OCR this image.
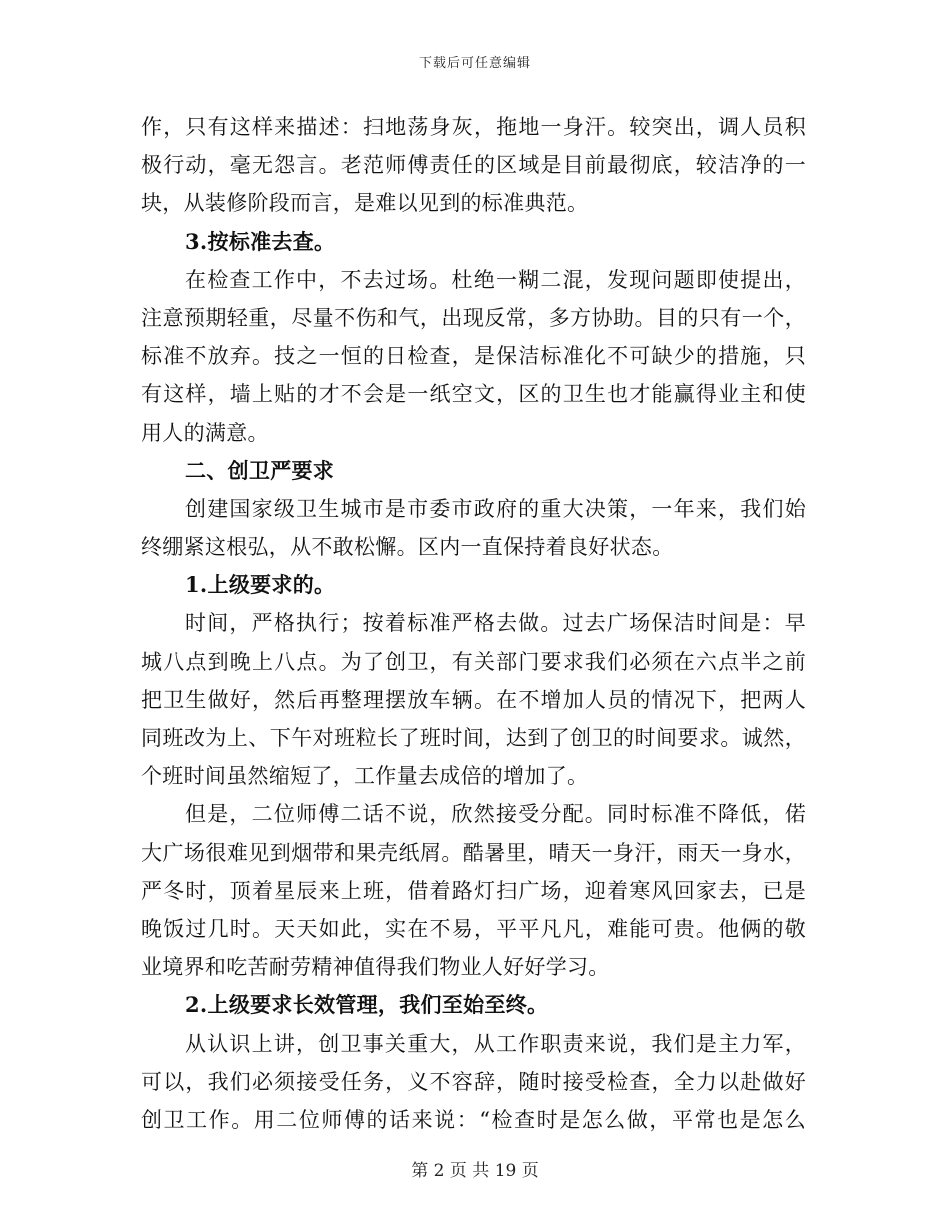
下载后可任意编辑
作，只有这样来描述：扫地荡身灰，拖地一身汗。较突出，调人员积
极行动，毫无怨言。老范师傅责任的区域是目前最彻底，较洁净的一
块，从装修阶段而言，是难以见到的标准典范。
3.按标准去查。
在检查工作中，不去过场。杜绝一糊二混，发现问题即使提出，
注意预期轻重，尽量不伤和气，出现反常，多方协助。目的只有一个，
标准不放弃。技之一恒的日检查，是保洁标准化不可缺少的措施，只
有这样，墙上贴的才不会是一纸空文，区的卫生也才能赢得业主和使
用人的满意。
二、创卫严要求
创建国家级卫生城市是市委市政府的重大决策，一年来，我们始
终绷紧这根弘，从不敢松懈。区内一直保持着良好状态。
1.上级要求的。
时间，严格执行；按着标准严格去做。过去广场保洁时间是：早
城八点到晚上八点。为了创卫，有关部门要求我们必须在六点半之前
把卫生做好，然后再整理摆放车辆。在不增加人员的情况下，把两人
同班改为上、下午对班粒长了班时间，达到了创卫的时间要求。诚然，
个班时间虽然缩短了，工作量去成倍的增加了。
但是，二位师傅二话不说，欣然接受分配。同时标准不降低，偌
大广场很难见到烟带和果壳纸屑。酷暑里，晴天一身汗，雨天一身水，
严冬时，顶着星辰来上班，借着路灯扫广场，迎着寒风回家去，已是
晚饭过几时。天天如此，实在不易，平平凡凡，难能可贵。他俩的敬
业境界和吃苦耐劳精神值得我们物业人好好学习。
2.上级要求长效管理，我们至始至终。
从认识上讲，创卫事关重大，从工作职责来说，我们是主力军，
可以，我们必须接受任务，义不容辞，随时接受检查，全力以赴做好
创卫工作。用二位师傅的话来说：“检查时是怎么做，平常也是怎么
第 2 页 共 19 页
